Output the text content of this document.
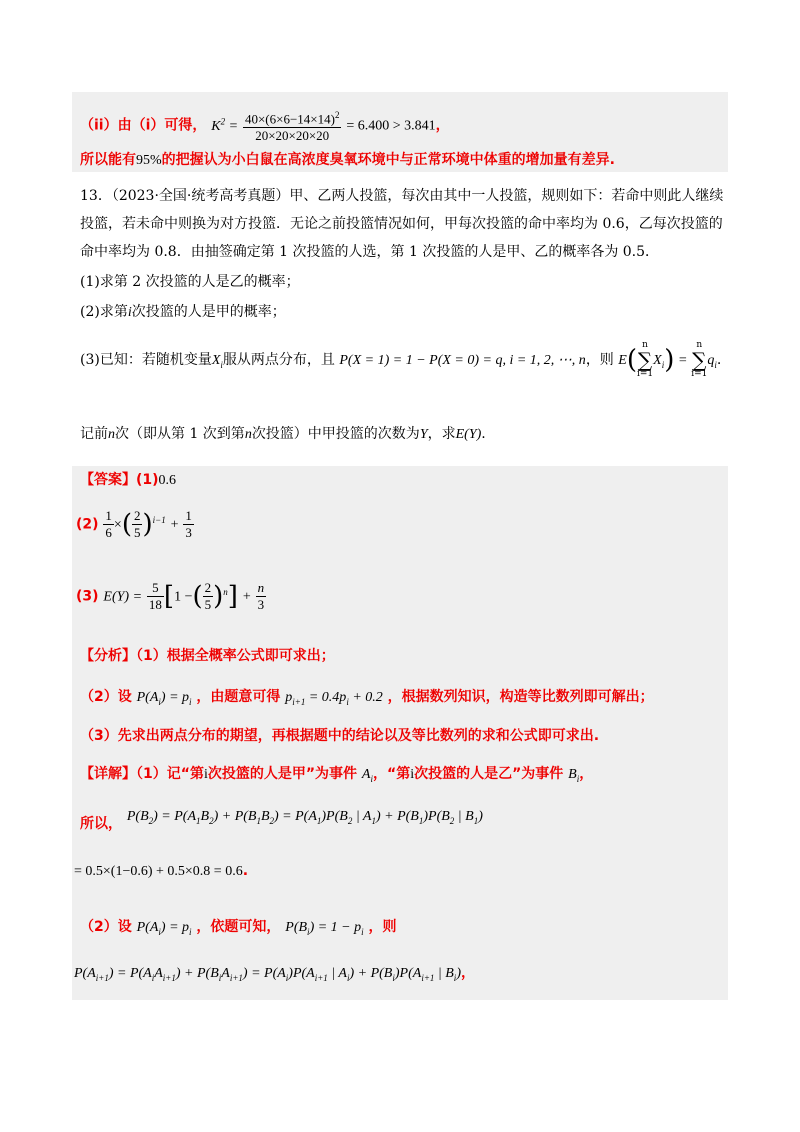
（ii）由（i）可得， $K^2 = \frac{40\times(6\times 6-14\times 14)^2}{20\times 20\times 20\times 20} = 6.400 > 3.841$，
所以能有95%的把握认为小白鼠在高浓度臭氧环境中与正常环境中体重的增加量有差异.
13．（2023·全国·统考高考真题）甲、乙两人投篮，每次由其中一人投篮，规则如下：若命中则此人继续
投篮，若未命中则换为对方投篮．无论之前投篮情况如何，甲每次投篮的命中率均为 0.6，乙每次投篮的
命中率均为 0.8．由抽签确定第 1 次投篮的人选，第 1 次投篮的人是甲、乙的概率各为 0.5．
(1)求第 2 次投篮的人是乙的概率；
(2)求第i次投篮的人是甲的概率；
(3)已知：若随机变量$X_i$服从两点分布，且 P(X = 1) = 1 − P(X = 0) = q, i = 1, 2, ⋯, n，则 E( n
∑
i=1
$X_i$) =
n
∑
i=1
$q_i$.
记前n次（即从第 1 次到第n次投篮）中甲投篮的次数为Y，求E(Y).
【答案】(1)0.6
$(2) \frac{1}{6}$ ×( $\frac{2}{5} )^{i-1} + \frac{1}{3}$
(3) $E(Y) = \frac{5}{18} [1$ −( $\frac{2}{5} )^n] + \frac{n}{3}$
【分析】（1）根据全概率公式即可求出；
（2）设 $P(A_i) = p_i$ ，由题意可得 $p_{i+1} = 0.4p_i + 0.2$ ，根据数列知识，构造等比数列即可解出；
（3）先求出两点分布的期望，再根据题中的结论以及等比数列的求和公式即可求出.
【详解】（1）记“第i次投篮的人是甲”为事件 $A_i$，“第i次投篮的人是乙”为事件 $B_i$，
所以， $P(B_2) = P(A_1B_2) + P(B_1B_2) = P(A_1)P(B_2$ | $A_1) + P(B_1)P(B_2$ | $B_1$)
= 0.5×(1−0.6) + 0.5×0.8 = 0.6.
（2）设 $P(A_i) = p_i$ ，依题可知， $P(B_i) = 1 - p_i$ ，则
$P(A_{i+1}) = P(A_iA_{i+1}) + P(B_iA_{i+1}) = P(A_i)P(A_{i+1}$ | $A_i) + P(B_i)P(A_{i+1}$ | $B_i$)，
